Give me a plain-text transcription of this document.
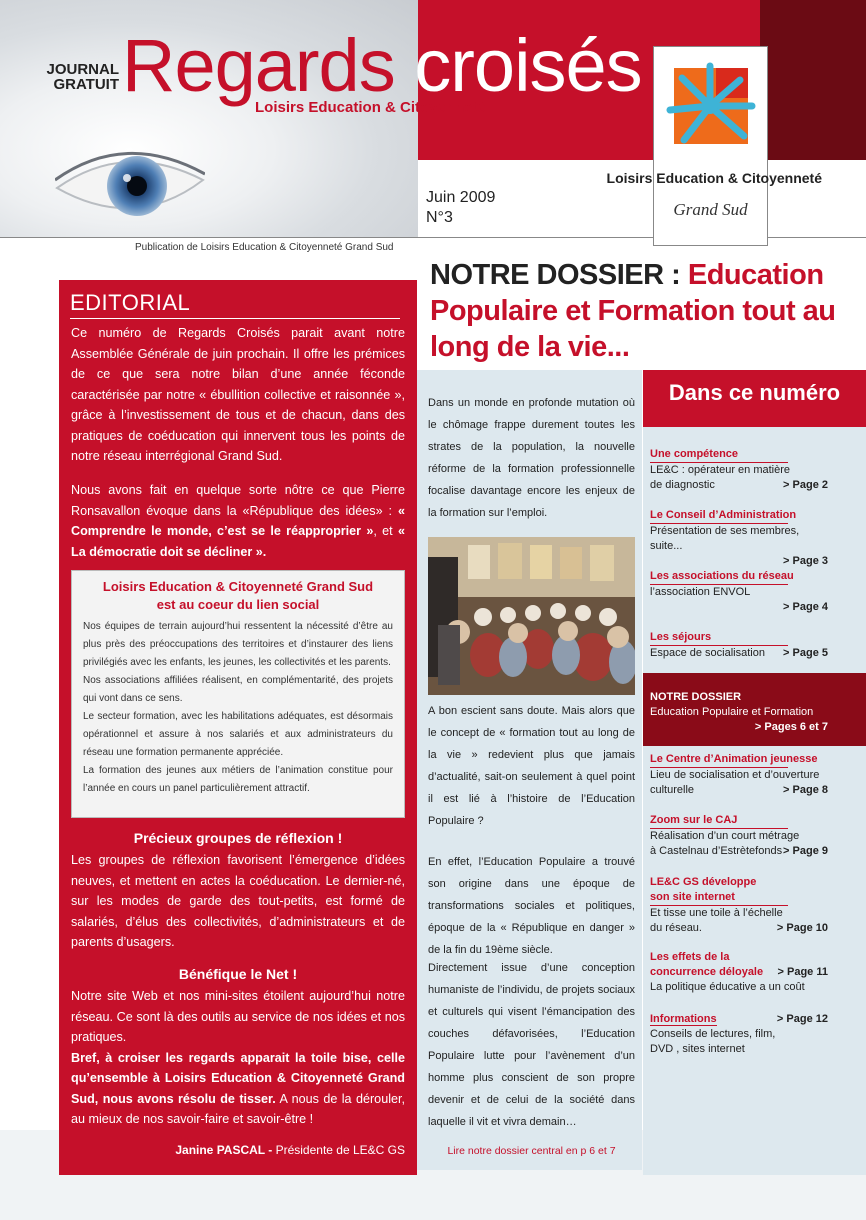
JOURNAL
GRATUIT Regards croisés
Loisirs Education & Citoyenneté
Juin 2009
N°3
Loisirs Education & Citoyenneté
Grand Sud
Publication de Loisirs Education & Citoyenneté Grand Sud
EDITORIAL
Ce numéro de Regards Croisés parait avant notre Assemblée Générale de juin prochain. Il offre les prémices de ce que sera notre bilan d’une année féconde caractérisée par notre « ébullition collective et raisonnée », grâce à l’investissement de tous et de chacun, dans des pratiques de coéducation qui innervent tous les points de notre réseau interrégional Grand Sud.
Nous avons fait en quelque sorte nôtre ce que Pierre Ronsavallon évoque dans la «République des idées» : « Comprendre le monde, c’est se le réapproprier », et « La démocratie doit se décliner ».
Loisirs Education & Citoyenneté Grand Sud
est au coeur du lien social
Nos équipes de terrain aujourd’hui ressentent la nécessité d’être au plus près des préoccupations des territoires et d’instaurer des liens privilégiés avec les enfants, les jeunes, les collectivités et les parents.
Nos associations affiliées réalisent, en complémentarité, des projets qui vont dans ce sens.
Le secteur formation, avec les habilitations adéquates, est désormais opérationnel et assure à nos salariés et aux administrateurs du réseau une formation permanente appréciée.
La formation des jeunes aux métiers de l’animation constitue pour l’année en cours un panel particulièrement attractif.
Précieux groupes de réflexion !
Les groupes de réflexion favorisent l’émergence d’idées neuves, et mettent en actes la coéducation. Le dernier-né, sur les modes de garde des tout-petits, est formé de salariés, d’élus des collectivités, d’administrateurs et de parents d’usagers.
Bénéfique le Net !
Notre site Web et nos mini-sites étoilent aujourd’hui notre réseau. Ce sont là des outils au service de nos idées et nos pratiques.
Bref, à croiser les regards apparait la toile bise, celle qu’ensemble à Loisirs Education & Citoyenneté Grand Sud, nous avons résolu de tisser. A nous de la dérouler, au mieux de nos savoir-faire et savoir-être !
Janine PASCAL - Présidente de LE&C GS
NOTRE DOSSIER : Education Populaire et Formation tout au long de la vie...
Dans un monde en profonde mutation où le chômage frappe durement toutes les strates de la population, la nouvelle réforme de la formation professionnelle focalise davantage encore les enjeux de la formation sur l’emploi.
A bon escient sans doute. Mais alors que le concept de « formation tout au long de la vie » redevient plus que jamais d’actualité, sait-on seulement à quel point il est lié à l’histoire de l’Education Populaire ?
En effet, l’Education Populaire a trouvé son origine dans une époque de transformations sociales et politiques, époque de la « République en danger » de la fin du 19ème siècle.
Directement issue d’une conception humaniste de l’individu, de projets sociaux et culturels qui visent l’émancipation des couches défavorisées, l’Education Populaire lutte pour l’avènement d’un homme plus conscient de son propre devenir et de celui de la société dans laquelle il vit et vivra demain…
Lire notre dossier central en p 6 et 7
Dans ce numéro
Une compétence
LE&C : opérateur en matière
de diagnostic	> Page 2
Le Conseil d’Administration
Présentation de ses membres, suite...
> Page 3
Les associations du réseau
l’association ENVOL
> Page 4
Les séjours
Espace de socialisation > Page 5
NOTRE DOSSIER
Education Populaire et Formation
> Pages 6 et 7
Le Centre d’Animation jeunesse
Lieu de socialisation et d’ouverture
culturelle	> Page 8
Zoom sur le CAJ
Réalisation d’un court métrage
à Castelnau d’Estrètefonds > Page 9
LE&C GS développe
son site internet
Et tisse une toile à l’échelle
du réseau.	> Page 10
Les effets de la
concurrence déloyale > Page 11
La politique éducative a un coût
Informations	> Page 12
Conseils de lectures, film,
DVD , sites internet
